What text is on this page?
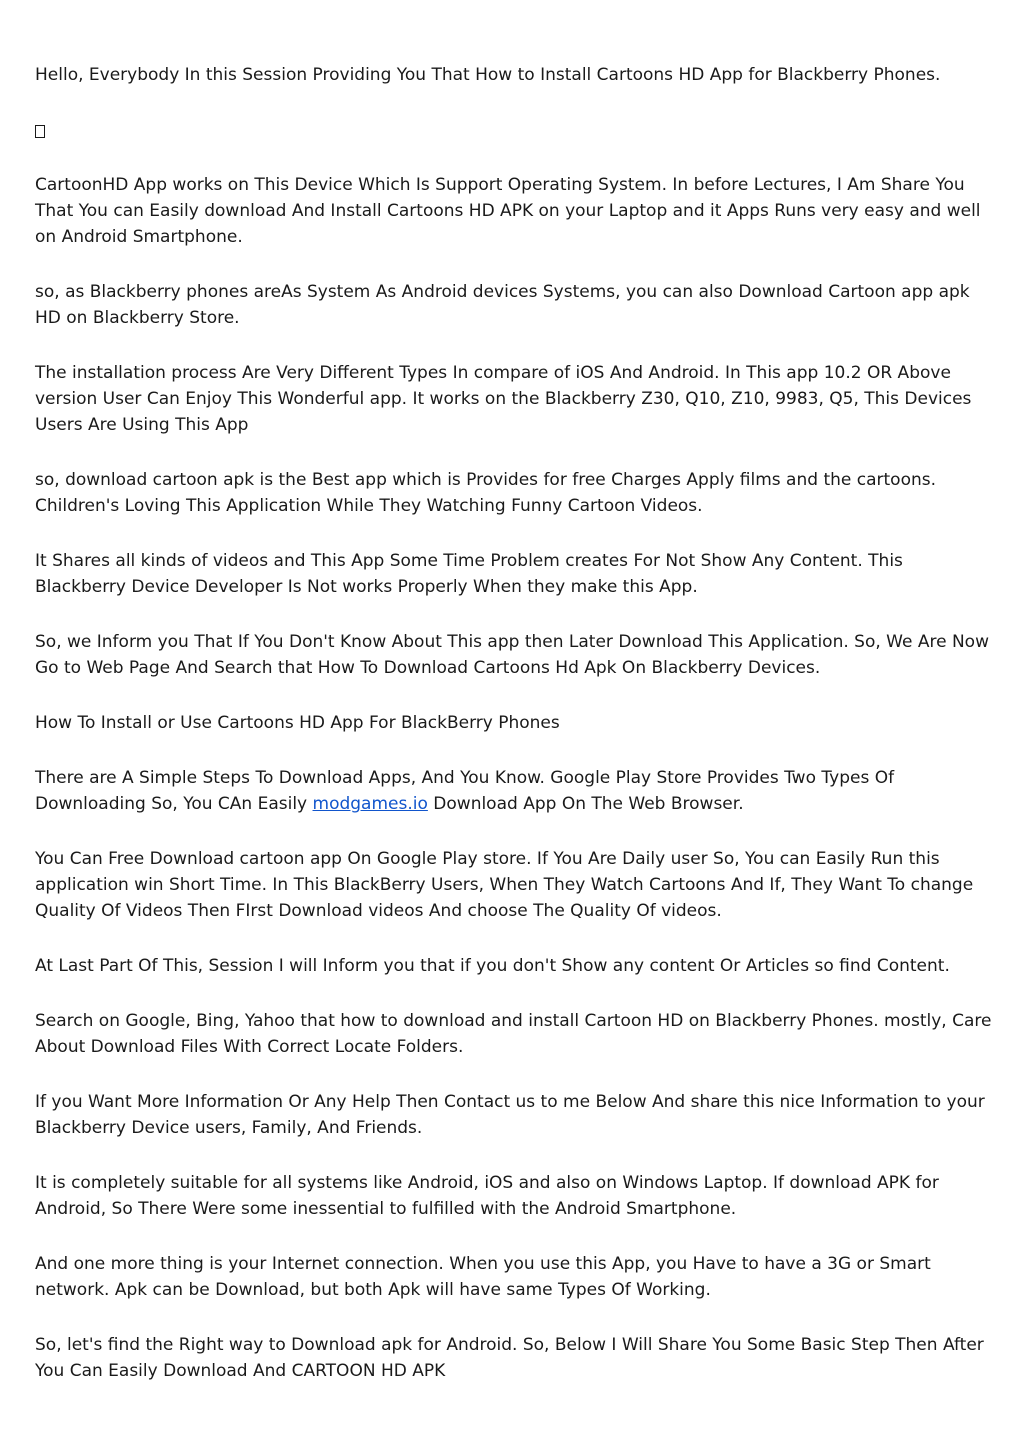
Hello, Everybody In this Session Providing You That How to Install Cartoons HD App for Blackberry Phones.

CartoonHD App works on This Device Which Is Support Operating System. In before Lectures, I Am Share You That You can Easily download And Install Cartoons HD APK on your Laptop and it Apps Runs very easy and well on Android Smartphone.

so, as Blackberry phones areAs System As Android devices Systems, you can also Download Cartoon app apk HD on Blackberry Store.

The installation process Are Very Different Types In compare of iOS And Android. In This app 10.2 OR Above version User Can Enjoy This Wonderful app. It works on the Blackberry Z30, Q10, Z10, 9983, Q5, This Devices Users Are Using This App

so, download cartoon apk is the Best app which is Provides for free Charges Apply films and the cartoons. Children's Loving This Application While They Watching Funny Cartoon Videos.

It Shares all kinds of videos and This App Some Time Problem creates For Not Show Any Content. This Blackberry Device Developer Is Not works Properly When they make this App.

So, we Inform you That If You Don't Know About This app then Later Download This Application. So, We Are Now Go to Web Page And Search that How To Download Cartoons Hd Apk On Blackberry Devices.

How To Install or Use Cartoons HD App For BlackBerry Phones

There are A Simple Steps To Download Apps, And You Know. Google Play Store Provides Two Types Of Downloading So, You CAn Easily modgames.io Download App On The Web Browser.

You Can Free Download cartoon app On Google Play store. If You Are Daily user So, You can Easily Run this application win Short Time. In This BlackBerry Users, When They Watch Cartoons And If, They Want To change Quality Of Videos Then FIrst Download videos And choose The Quality Of videos.

At Last Part Of This, Session I will Inform you that if you don't Show any content Or Articles so find Content.

Search on Google, Bing, Yahoo that how to download and install Cartoon HD on Blackberry Phones. mostly, Care About Download Files With Correct Locate Folders.

If you Want More Information Or Any Help Then Contact us to me Below And share this nice Information to your Blackberry Device users, Family, And Friends.

It is completely suitable for all systems like Android, iOS and also on Windows Laptop. If download APK for Android, So There Were some inessential to fulfilled with the Android Smartphone.

And one more thing is your Internet connection. When you use this App, you Have to have a 3G or Smart network. Apk can be Download, but both Apk will have same Types Of Working.

So, let's find the Right way to Download apk for Android. So, Below I Will Share You Some Basic Step Then After You Can Easily Download And CARTOON HD APK
